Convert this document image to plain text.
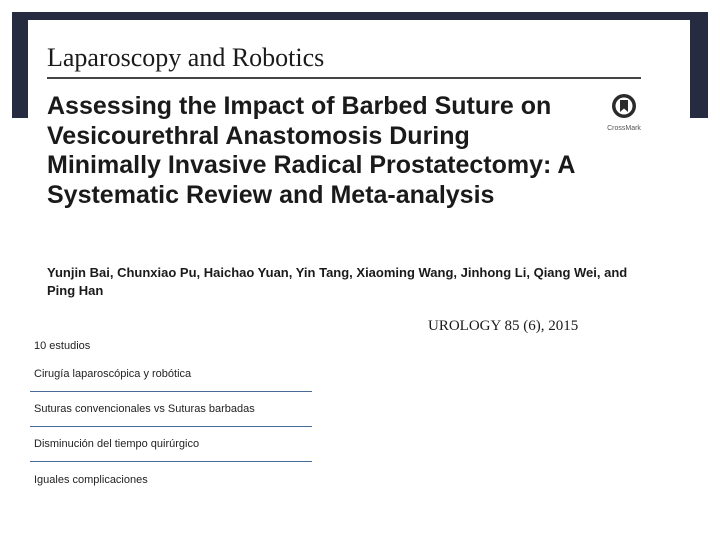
Laparoscopy and Robotics
Assessing the Impact of Barbed Suture on Vesicourethral Anastomosis During Minimally Invasive Radical Prostatectomy: A Systematic Review and Meta-analysis
CrossMark
Yunjin Bai, Chunxiao Pu, Haichao Yuan, Yin Tang, Xiaoming Wang, Jinhong Li, Qiang Wei, and Ping Han
UROLOGY 85 (6), 2015
10 estudios
Cirugía laparoscópica y robótica
Suturas convencionales vs Suturas barbadas
Disminución del tiempo quirúrgico
Iguales complicaciones
